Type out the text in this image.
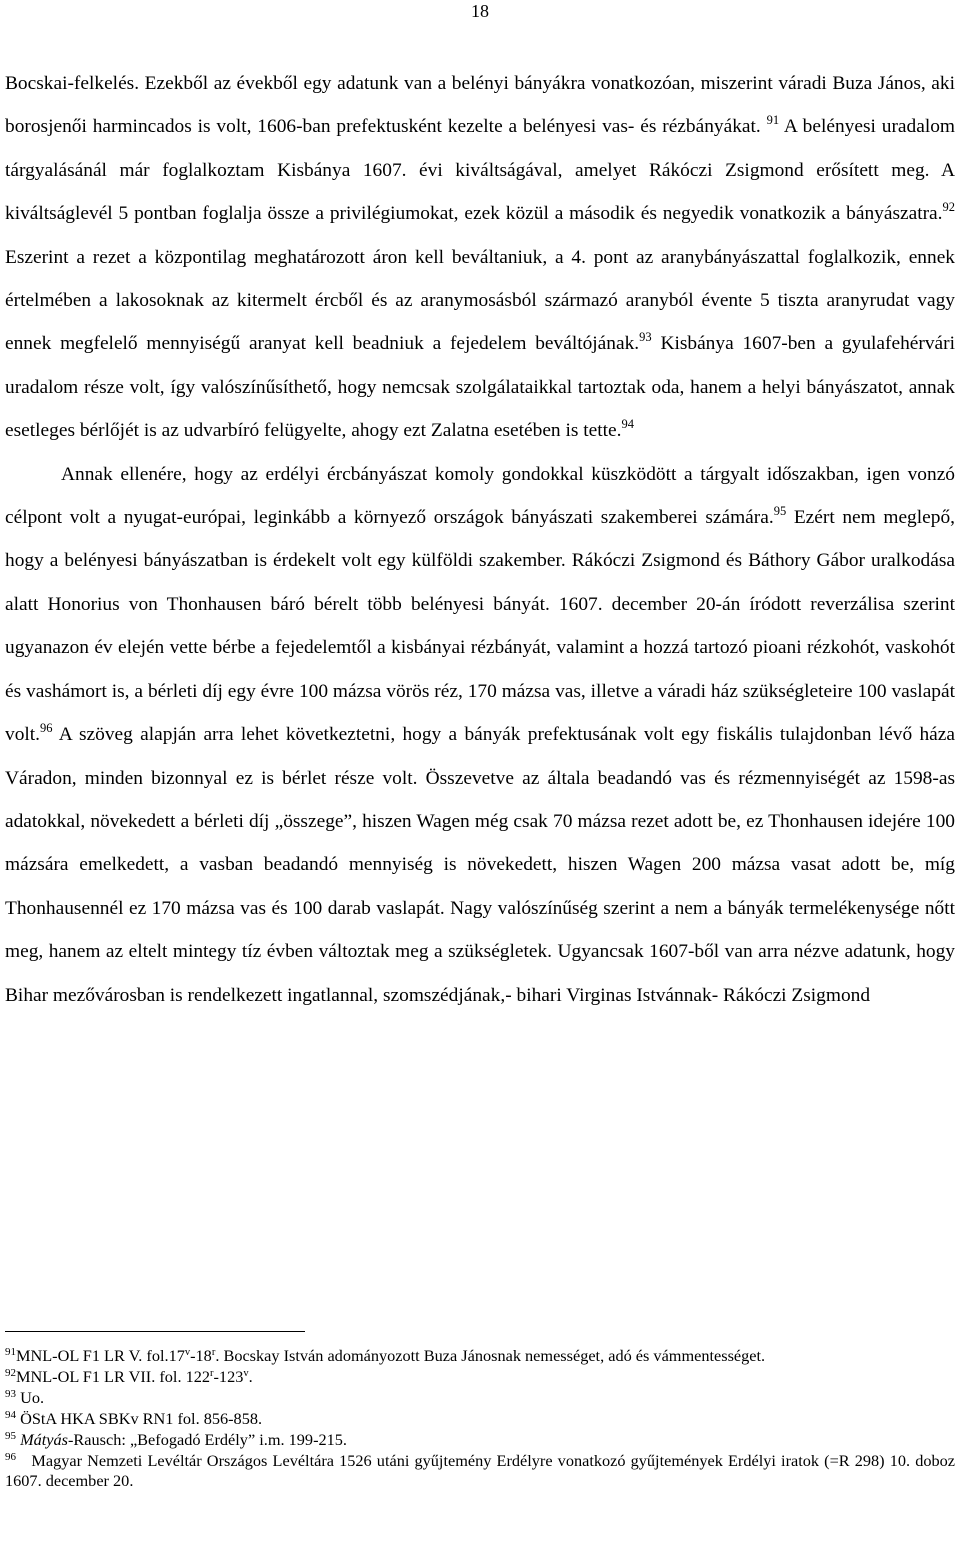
18

Bocskai-felkelés. Ezekből az évekből egy adatunk van a belényi bányákra vonatkozóan, miszerint váradi Buza János, aki borosjenői harmincados is volt, 1606-ban prefektusként kezelte a belényesi vas- és rézbányákat. $^{91}$ A belényesi uradalom tárgyalásánál már foglalkoztam Kisbánya 1607. évi kiváltságával, amelyet Rákóczi Zsigmond erősített meg. A kiváltságlevél 5 pontban foglalja össze a privilégiumokat, ezek közül a második és negyedik vonatkozik a bányászatra.$^{92}$ Eszerint a rezet a központilag meghatározott áron kell beváltaniuk, a 4. pont az aranybányászattal foglalkozik, ennek értelmében a lakosoknak az kitermelt ércből és az aranymosásból származó aranyból évente 5 tiszta aranyrudat vagy ennek megfelelő mennyiségű aranyat kell beadniuk a fejedelem beváltójának.$^{93}$ Kisbánya 1607-ben a gyulafehérvári uradalom része volt, így valószínűsíthető, hogy nemcsak szolgálataikkal tartoztak oda, hanem a helyi bányászatot, annak esetleges bérlőjét is az udvarbíró felügyelte, ahogy ezt Zalatna esetében is tette.$^{94}$

Annak ellenére, hogy az erdélyi ércbányászat komoly gondokkal küszködött a tárgyalt időszakban, igen vonzó célpont volt a nyugat-európai, leginkább a környező országok bányászati szakemberei számára.$^{95}$ Ezért nem meglepő, hogy a belényesi bányászatban is érdekelt volt egy külföldi szakember. Rákóczi Zsigmond és Báthory Gábor uralkodása alatt Honorius von Thonhausen báró bérelt több belényesi bányát. 1607. december 20-án íródott reverzálisa szerint ugyanazon év elején vette bérbe a fejedelemtől a kisbányai rézbányát, valamint a hozzá tartozó pioani rézkohót, vaskohót és vashámort is, a bérleti díj egy évre 100 mázsa vörös réz, 170 mázsa vas, illetve a váradi ház szükségleteire 100 vaslapát volt.$^{96}$ A szöveg alapján arra lehet következtetni, hogy a bányák prefektusának volt egy fiskális tulajdonban lévő háza Váradon, minden bizonnyal ez is bérlet része volt. Összevetve az általa beadandó vas és rézmennyiségét az 1598-as adatokkal, növekedett a bérleti díj „összege”, hiszen Wagen még csak 70 mázsa rezet adott be, ez Thonhausen idejére 100 mázsára emelkedett, a vasban beadandó mennyiség is növekedett, hiszen Wagen 200 mázsa vasat adott be, míg Thonhausennél ez 170 mázsa vas és 100 darab vaslapát. Nagy valószínűség szerint a nem a bányák termelékenysége nőtt meg, hanem az eltelt mintegy tíz évben változtak meg a szükségletek. Ugyancsak 1607-ből van arra nézve adatunk, hogy Bihar mezővárosban is rendelkezett ingatlannal, szomszédjának,- bihari Virginas Istvánnak- Rákóczi Zsigmond

$^{91}$MNL-OL F1 LR V. fol.17$^v$-18$^r$. Bocskay István adományozott Buza Jánosnak nemességet, adó és vámmentességet.

$^{92}$MNL-OL F1 LR VII. fol. 122$^r$-123$^v$.

$^{93}$ Uo.

$^{94}$ ÖStA HKA SBKv RN1 fol. 856-858.

$^{95}$ Mátyás-Rausch: „Befogadó Erdély” i.m. 199-215.

$^{96}$   Magyar Nemzeti Levéltár Országos Levéltára 1526 utáni gyűjtemény Erdélyre vonatkozó gyűjtemények Erdélyi iratok (=R 298) 10. doboz 1607. december 20.
